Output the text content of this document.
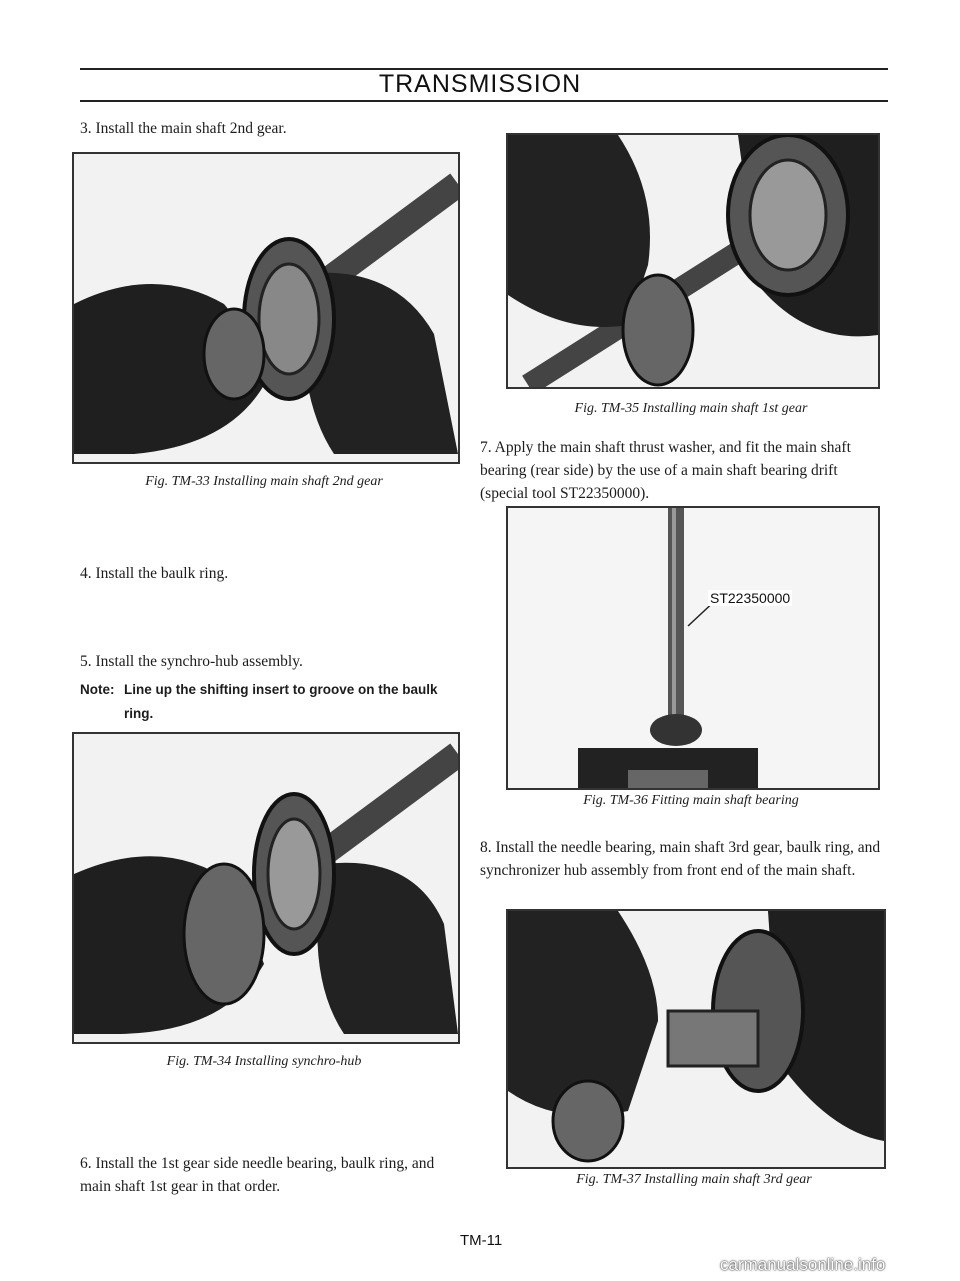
TRANSMISSION
3. Install the main shaft 2nd gear.
Fig. TM-33 Installing main shaft 2nd gear
4. Install the baulk ring.
5. Install the synchro-hub assembly.
Note: Line up the shifting insert to groove on the baulk ring.
Fig. TM-34 Installing synchro-hub
6. Install the 1st gear side needle bearing, baulk ring, and main shaft 1st gear in that order.
Fig. TM-35 Installing main shaft 1st gear
7. Apply the main shaft thrust washer, and fit the main shaft bearing (rear side) by the use of a main shaft bearing drift (special tool ST22350000).
ST22350000
Fig. TM-36 Fitting main shaft bearing
8. Install the needle bearing, main shaft 3rd gear, baulk ring, and synchronizer hub assembly from front end of the main shaft.
Fig. TM-37 Installing main shaft 3rd gear
TM-11
carmanualsonline.info
